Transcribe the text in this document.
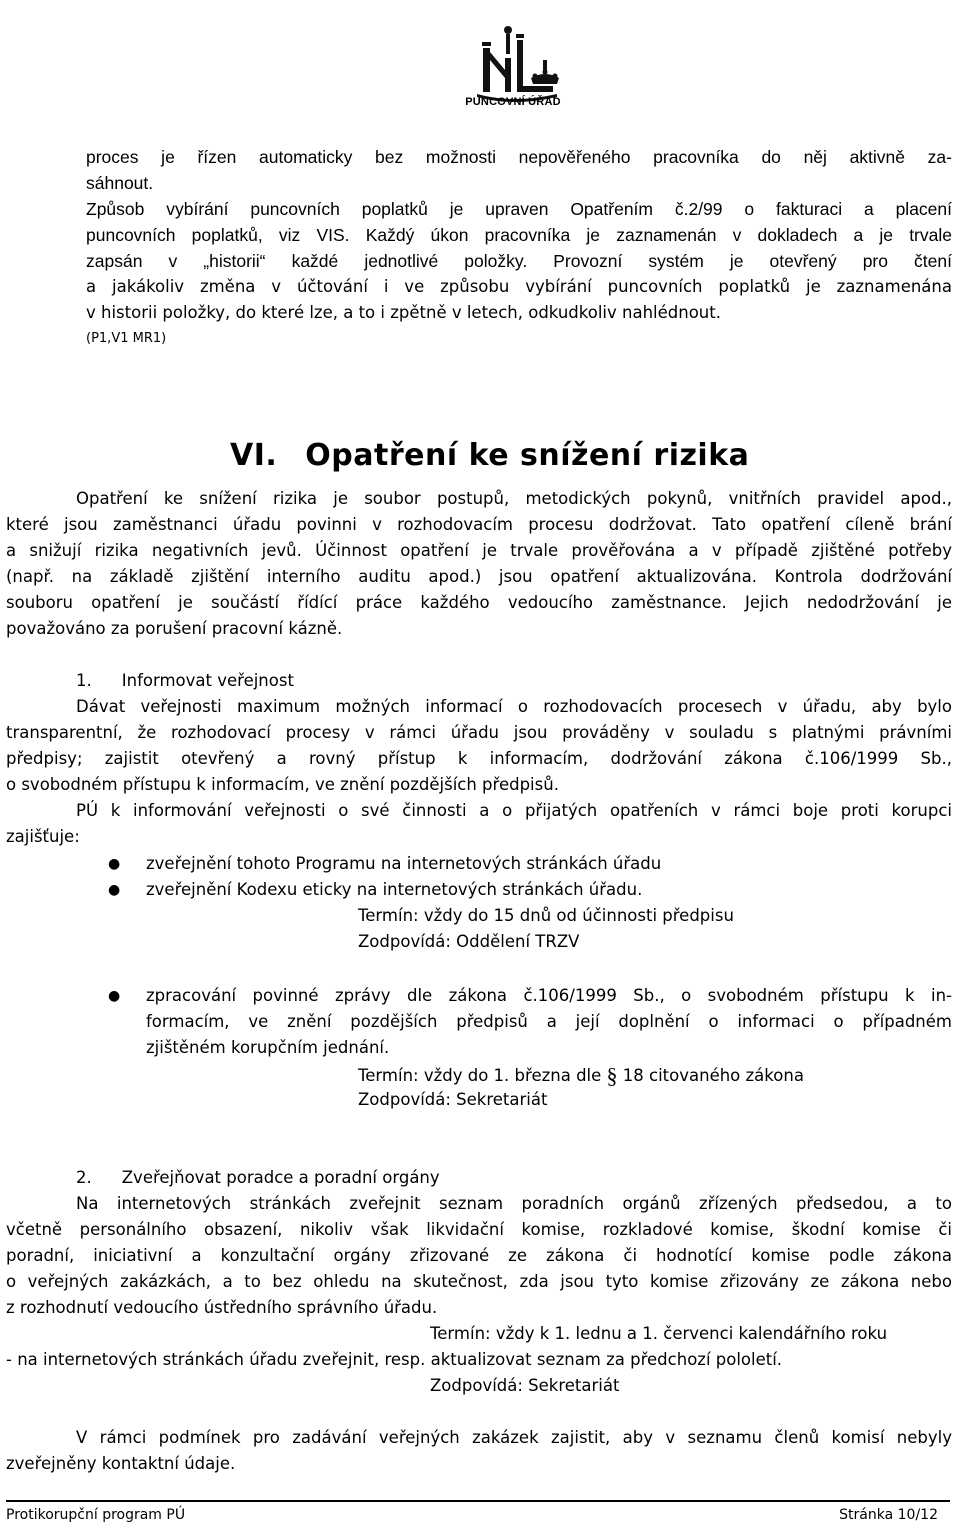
PUNCOVNÍ ÚŘAD
proces je řízen automaticky bez možnosti nepověřeného pracovníka do něj aktivně za-
sáhnout.
Způsob vybírání puncovních poplatků je upraven Opatřením č.2/99 o fakturaci a placení
puncovních poplatků, viz VIS. Každý úkon pracovníka je zaznamenán v dokladech a je trvale
zapsán v „historii“ každé jednotlivé položky. Provozní systém je otevřený pro čtení
a jakákoliv změna v účtování i ve způsobu vybírání puncovních poplatků je zaznamenána
v historii položky, do které lze, a to i zpětně v letech, odkudkoliv nahlédnout.
(P1,V1 MR1)
VI. Opatření ke snížení rizika
Opatření ke snížení rizika je soubor postupů, metodických pokynů, vnitřních pravidel apod.,
které jsou zaměstnanci úřadu povinni v rozhodovacím procesu dodržovat. Tato opatření cíleně brání
a snižují rizika negativních jevů. Účinnost opatření je trvale prověřována a v případě zjištěné potřeby
(např. na základě zjištění interního auditu apod.) jsou opatření aktualizována. Kontrola dodržování
souboru opatření je součástí řídící práce každého vedoucího zaměstnance. Jejich nedodržování je
považováno za porušení pracovní kázně.
1. Informovat veřejnost
Dávat veřejnosti maximum možných informací o rozhodovacích procesech v úřadu, aby bylo
transparentní, že rozhodovací procesy v rámci úřadu jsou prováděny v souladu s platnými právními
předpisy; zajistit otevřený a rovný přístup k informacím, dodržování zákona č.106/1999 Sb.,
o svobodném přístupu k informacím, ve znění pozdějších předpisů.
PÚ k informování veřejnosti o své činnosti a o přijatých opatřeních v rámci boje proti korupci
zajišťuje:
● zveřejnění tohoto Programu na internetových stránkách úřadu
● zveřejnění Kodexu eticky na internetových stránkách úřadu.
Termín: vždy do 15 dnů od účinnosti předpisu
Zodpovídá: Oddělení TRZV
● zpracování povinné zprávy dle zákona č.106/1999 Sb., o svobodném přístupu k in-
formacím, ve znění pozdějších předpisů a její doplnění o informaci o případném
zjištěném korupčním jednání.
Termín: vždy do 1. března dle § 18 citovaného zákona
Zodpovídá: Sekretariát
2. Zveřejňovat poradce a poradní orgány
Na internetových stránkách zveřejnit seznam poradních orgánů zřízených předsedou, a to
včetně personálního obsazení, nikoliv však likvidační komise, rozkladové komise, škodní komise či
poradní, iniciativní a konzultační orgány zřizované ze zákona či hodnotící komise podle zákona
o veřejných zakázkách, a to bez ohledu na skutečnost, zda jsou tyto komise zřizovány ze zákona nebo
z rozhodnutí vedoucího ústředního správního úřadu.
Termín: vždy k 1. lednu a 1. červenci kalendářního roku
- na internetových stránkách úřadu zveřejnit, resp. aktualizovat seznam za předchozí pololetí.
Zodpovídá: Sekretariát
V rámci podmínek pro zadávání veřejných zakázek zajistit, aby v seznamu členů komisí nebyly
zveřejněny kontaktní údaje.
Protikorupční program PÚ	Stránka 10/12
